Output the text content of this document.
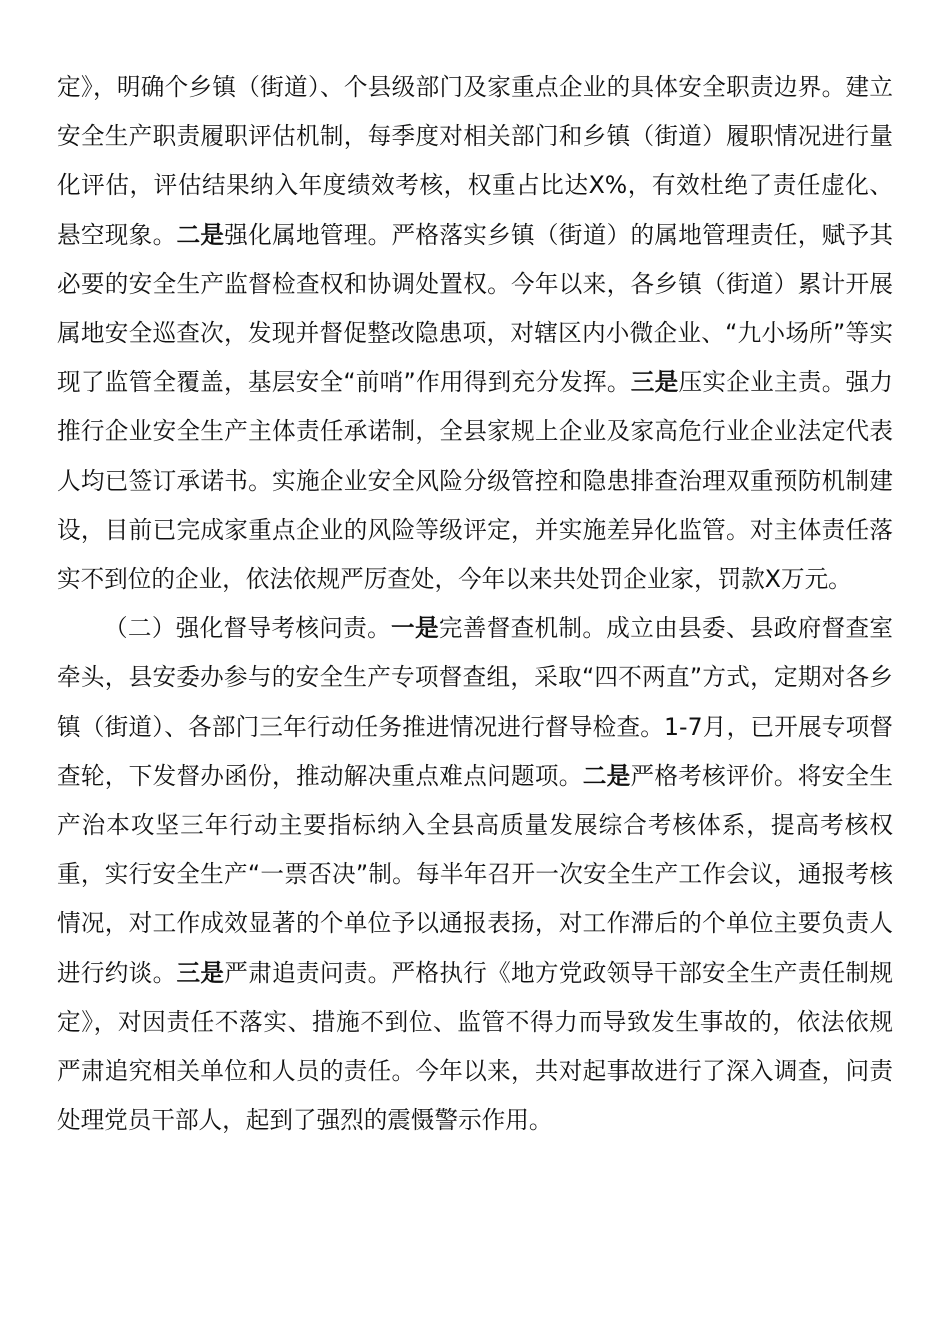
定》，明确个乡镇（街道）、个县级部门及家重点企业的具体安全职责边界。建立安全生产职责履职评估机制，每季度对相关部门和乡镇（街道）履职情况进行量化评估，评估结果纳入年度绩效考核，权重占比达X%，有效杜绝了责任虚化、悬空现象。二是强化属地管理。严格落实乡镇（街道）的属地管理责任，赋予其必要的安全生产监督检查权和协调处置权。今年以来，各乡镇（街道）累计开展属地安全巡查次，发现并督促整改隐患项，对辖区内小微企业、“九小场所”等实现了监管全覆盖，基层安全“前哨”作用得到充分发挥。三是压实企业主责。强力推行企业安全生产主体责任承诺制，全县家规上企业及家高危行业企业法定代表人均已签订承诺书。实施企业安全风险分级管控和隐患排查治理双重预防机制建设，目前已完成家重点企业的风险等级评定，并实施差异化监管。对主体责任落实不到位的企业，依法依规严厉查处，今年以来共处罚企业家，罚款X万元。

（二）强化督导考核问责。一是完善督查机制。成立由县委、县政府督查室牵头，县安委办参与的安全生产专项督查组，采取“四不两直”方式，定期对各乡镇（街道）、各部门三年行动任务推进情况进行督导检查。1-7月，已开展专项督查轮，下发督办函份，推动解决重点难点问题项。二是严格考核评价。将安全生产治本攻坚三年行动主要指标纳入全县高质量发展综合考核体系，提高考核权重，实行安全生产“一票否决”制。每半年召开一次安全生产工作会议，通报考核情况，对工作成效显著的个单位予以通报表扬，对工作滞后的个单位主要负责人进行约谈。三是严肃追责问责。严格执行《地方党政领导干部安全生产责任制规定》，对因责任不落实、措施不到位、监管不得力而导致发生事故的，依法依规严肃追究相关单位和人员的责任。今年以来，共对起事故进行了深入调查，问责处理党员干部人，起到了强烈的震慑警示作用。
